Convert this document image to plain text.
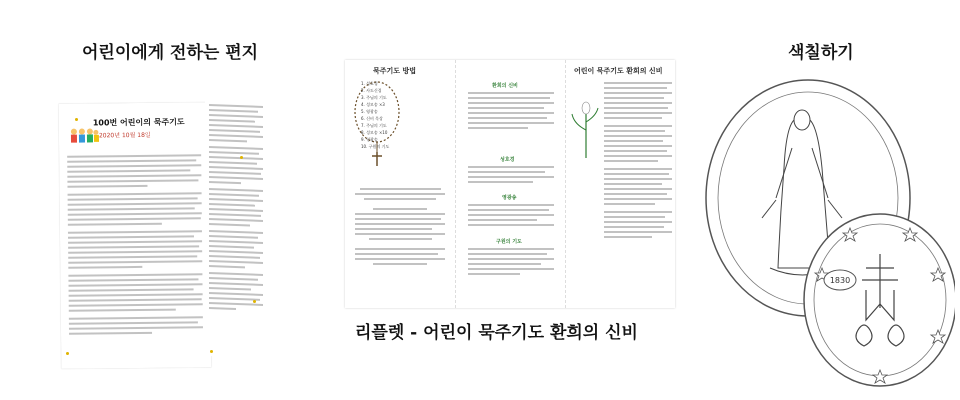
어린이에게 전하는 편지	색칠하기
리플렛 - 어린이 묵주기도 환희의 신비
100번 어린이의 묵주기도
2020년 10월 18일
묵주기도 방법
1. 성호경
2. 사도신경
3. 주님의 기도
4. 성모송 ×3
5. 영광송
6. 신비 묵상
7. 주님의 기도
8. 성모송 ×10
9. 영광송
10. 구원의 기도
환희의 신비
성호경
영광송
구원의 기도
어린이 묵주기도 환희의 신비
1830
